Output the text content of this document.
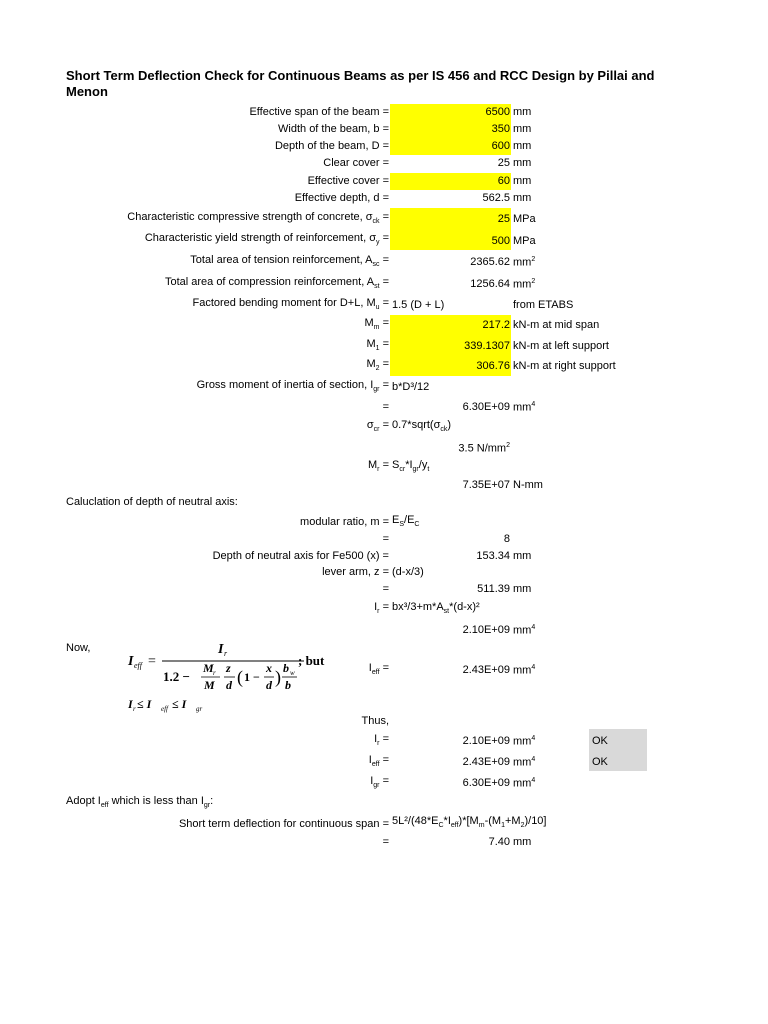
Short Term Deflection Check for Continuous Beams as per IS 456 and RCC Design by Pillai and Menon
Effective span of the beam =	6500 mm
Width of the beam, b =	350 mm
Depth of the beam, D =	600 mm
Clear cover =	25 mm
Effective cover =	60 mm
Effective depth, d =	562.5 mm
Characteristic compressive strength of concrete, $\sigma_{ck}$ =	25 MPa
Characteristic yield strength of reinforcement, $\sigma_y$ =	500 MPa
Total area of tension reinforcement, $A_{sc}$ =	2365.62 $mm^2$
Total area of compression reinforcement, $A_{st}$ =	1256.64 $mm^2$
Factored bending moment for D+L, $M_u = 1.5$ (D + L)	from ETABS
$M_m$ =	217.2 kN-m at mid span
$M_1$ =	339.1307 kN-m at left support
$M_2$ =	306.76 kN-m at right support
Gross moment of inertia of section, $I_{gr} = b*D^3/12$
=	6.30E+09 $mm^4$
$\sigma_{cr}$ = $0.7*sqrt(\sigma_{ck})$
3.5 $N/mm^2$
$M_r = S_{cr}*I_{gr}/y_t$
7.35E+07 N-mm
Caluclation of depth of neutral axis:
modular ratio, $m = E_S/E_C$
=	8
Depth of neutral axis for Fe500 (x) =	153.34 mm
lever arm, z = (d-x/3)
=	511.39 mm
$I_r = bx^3/3+m*A_{st}*(d-x)^2$
2.10E+09 $mm^4$
Now,
I eff =
I r
1.2 −
M r
M
z
d ( 1 −
x
d ) b w
b
; but
I r ≤ I eff ≤ I gr
$I_{eff}$ =	2.43E+09 $mm^4$
Thus,
$I_r$ =	2.10E+09 $mm^4$	OK
$I_{eff}$ =	2.43E+09 $mm^4$	OK
$I_{gr}$ =	6.30E+09 $mm^4$
Adopt $I_{eff}$ which is less than $I_{gr}$:
Short term deflection for continuous span = $5L^2/(48*E_C*I_{eff})*[M_m-(M_1+M_2)/10]$
=	7.40 mm
